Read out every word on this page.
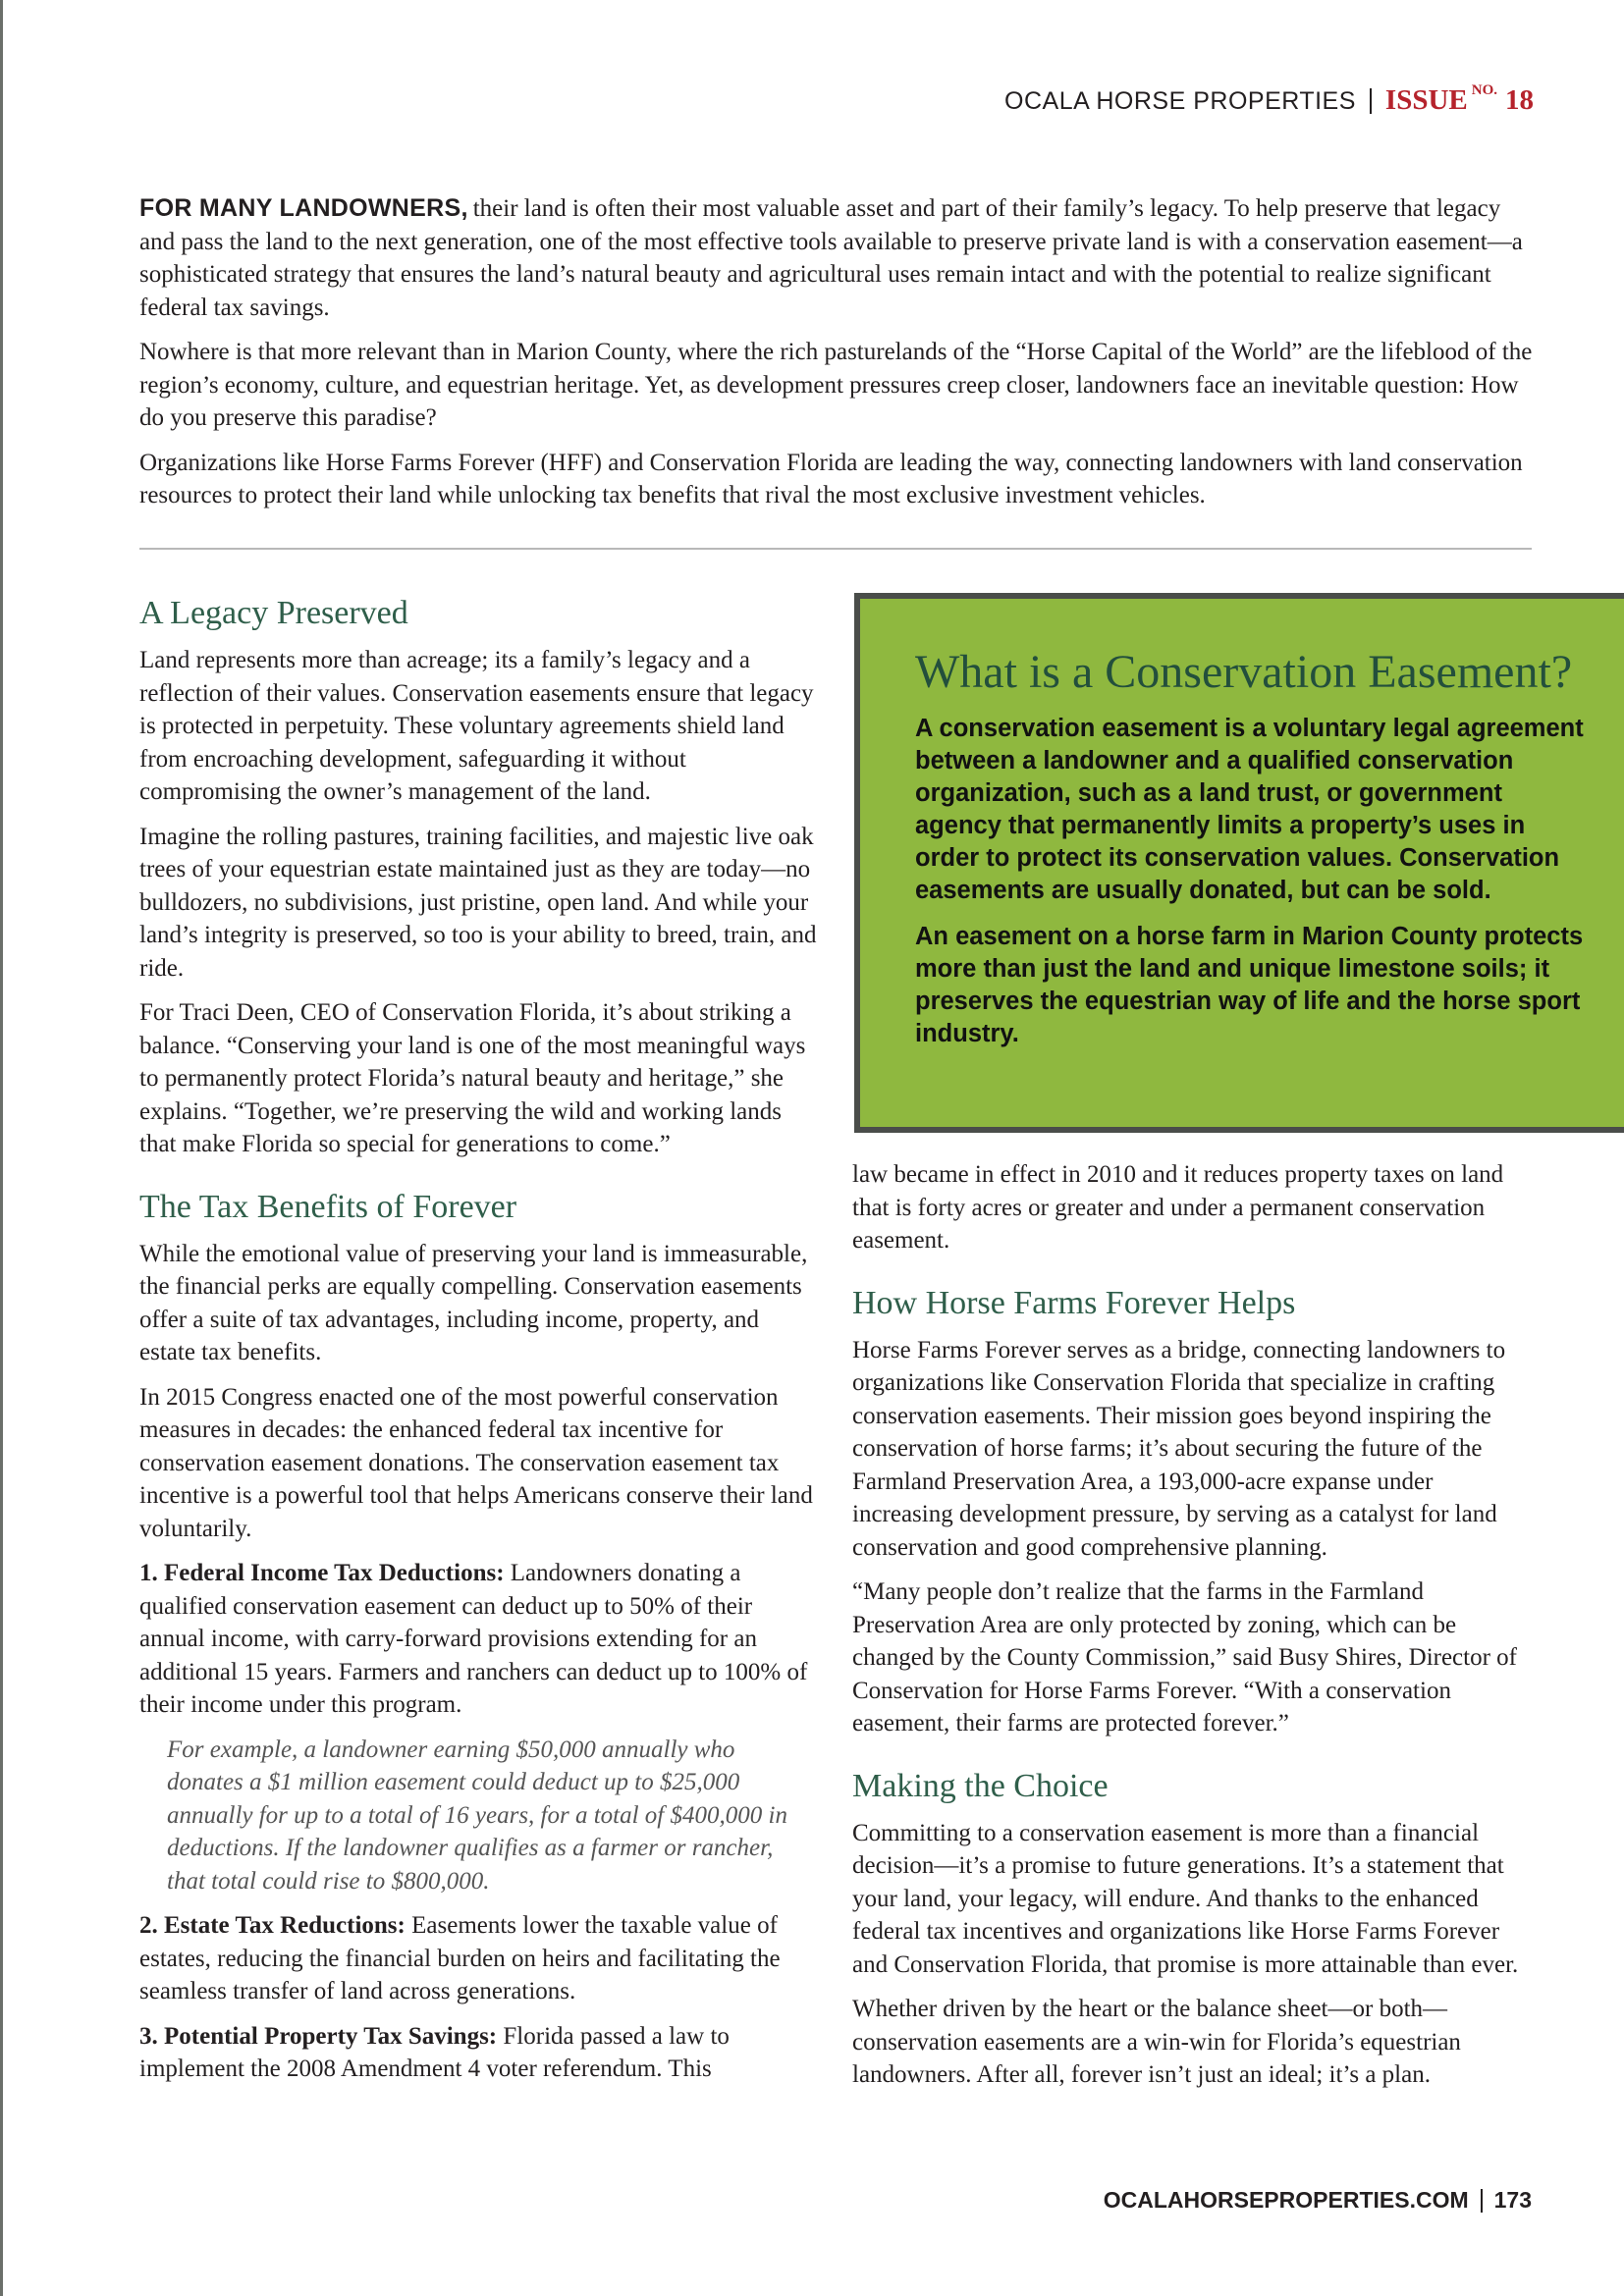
OCALA HORSE PROPERTIES ISSUE $^{NO.}$ 18

FOR MANY LANDOWNERS, their land is often their most valuable asset and part of their family’s legacy. To help preserve that legacy and pass the land to the next generation, one of the most effective tools available to preserve private land is with a conservation easement—a sophisticated strategy that ensures the land’s natural beauty and agricultural uses remain intact and with the potential to realize significant federal tax savings.

Nowhere is that more relevant than in Marion County, where the rich pasturelands of the “Horse Capital of the World” are the lifeblood of the region’s economy, culture, and equestrian heritage. Yet, as development pressures creep closer, landowners face an inevitable question: How do you preserve this paradise?

Organizations like Horse Farms Forever (HFF) and Conservation Florida are leading the way, connecting landowners with land conservation resources to protect their land while unlocking tax benefits that rival the most exclusive investment vehicles.

A Legacy Preserved

Land represents more than acreage; its a family’s legacy and a reflection of their values. Conservation easements ensure that legacy is protected in perpetuity. These voluntary agreements shield land from encroaching development, safeguarding it without compromising the owner’s management of the land.

Imagine the rolling pastures, training facilities, and majestic live oak trees of your equestrian estate maintained just as they are today—no bulldozers, no subdivisions, just pristine, open land. And while your land’s integrity is preserved, so too is your ability to breed, train, and ride.

For Traci Deen, CEO of Conservation Florida, it’s about striking a balance. “Conserving your land is one of the most meaningful ways to permanently protect Florida’s natural beauty and heritage,” she explains. “Together, we’re preserving the wild and working lands that make Florida so special for generations to come.”

The Tax Benefits of Forever

While the emotional value of preserving your land is immeasurable, the financial perks are equally compelling. Conservation easements offer a suite of tax advantages, including income, property, and estate tax benefits.

In 2015 Congress enacted one of the most powerful conservation measures in decades: the enhanced federal tax incentive for conservation easement donations. The conservation easement tax incentive is a powerful tool that helps Americans conserve their land voluntarily.

1. Federal Income Tax Deductions: Landowners donating a qualified conservation easement can deduct up to 50% of their annual income, with carry-forward provisions extending for an additional 15 years. Farmers and ranchers can deduct up to 100% of their income under this program.

For example, a landowner earning $50,000 annually who donates a $1 million easement could deduct up to $25,000 annually for up to a total of 16 years, for a total of $400,000 in deductions. If the landowner qualifies as a farmer or rancher, that total could rise to $800,000.

2. Estate Tax Reductions: Easements lower the taxable value of estates, reducing the financial burden on heirs and facilitating the seamless transfer of land across generations.

3. Potential Property Tax Savings: Florida passed a law to implement the 2008 Amendment 4 voter referendum. This

What is a Conservation Easement?

A conservation easement is a voluntary legal agreement between a landowner and a qualified conservation organization, such as a land trust, or government agency that permanently limits a property’s uses in order to protect its conservation values. Conservation easements are usually donated, but can be sold.

An easement on a horse farm in Marion County protects more than just the land and unique limestone soils; it preserves the equestrian way of life and the horse sport industry.

law became in effect in 2010 and it reduces property taxes on land that is forty acres or greater and under a permanent conservation easement.

How Horse Farms Forever Helps

Horse Farms Forever serves as a bridge, connecting landowners to organizations like Conservation Florida that specialize in crafting conservation easements. Their mission goes beyond inspiring the conservation of horse farms; it’s about securing the future of the Farmland Preservation Area, a 193,000-acre expanse under increasing development pressure, by serving as a catalyst for land conservation and good comprehensive planning.

“Many people don’t realize that the farms in the Farmland Preservation Area are only protected by zoning, which can be changed by the County Commission,” said Busy Shires, Director of Conservation for Horse Farms Forever. “With a conservation easement, their farms are protected forever.”

Making the Choice

Committing to a conservation easement is more than a financial decision—it’s a promise to future generations. It’s a statement that your land, your legacy, will endure. And thanks to the enhanced federal tax incentives and organizations like Horse Farms Forever and Conservation Florida, that promise is more attainable than ever.

Whether driven by the heart or the balance sheet—or both—conservation easements are a win-win for Florida’s equestrian landowners. After all, forever isn’t just an ideal; it’s a plan.

OCALAHORSEPROPERTIES.COM 173
